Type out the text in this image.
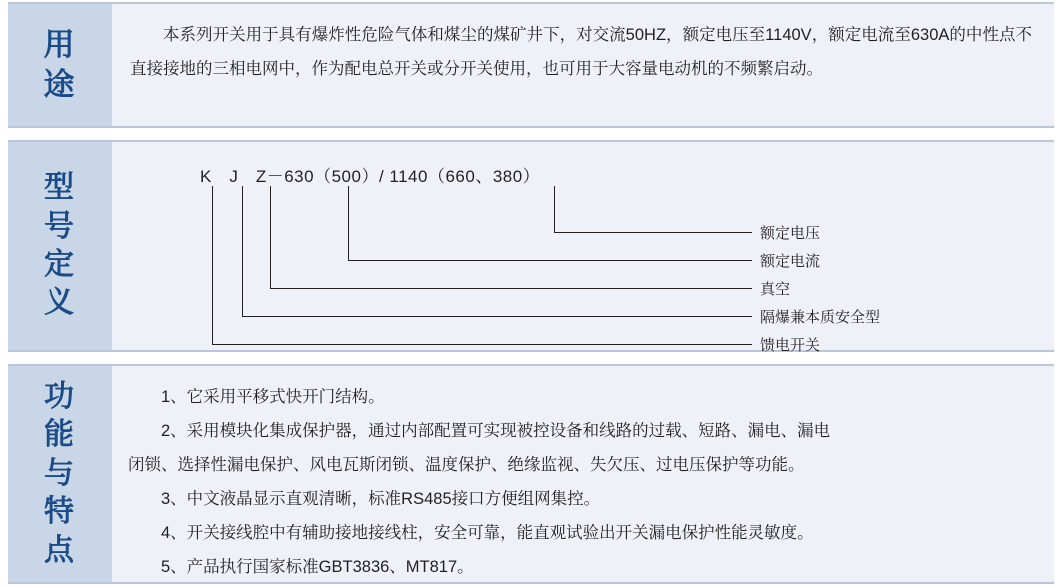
用途
本系列开关用于具有爆炸性危险气体和煤尘的煤矿井下，对交流50HZ，额定电压至1140V，额定电流至630A的中性点不直接接地的三相电网中，作为配电总开关或分开关使用，也可用于大容量电动机的不频繁启动。
型号定义
K　J　Z－630（500）/ 1140（660、380）
额定电压
额定电流
真空
隔爆兼本质安全型
馈电开关
功能与特点
1、它采用平移式快开门结构。
2、采用模块化集成保护器，通过内部配置可实现被控设备和线路的过载、短路、漏电、漏电
闭锁、选择性漏电保护、风电瓦斯闭锁、温度保护、绝缘监视、失欠压、过电压保护等功能。
3、中文液晶显示直观清晰，标准RS485接口方便组网集控。
4、开关接线腔中有辅助接地接线柱，安全可靠，能直观试验出开关漏电保护性能灵敏度。
5、产品执行国家标准GBT3836、MT817。
